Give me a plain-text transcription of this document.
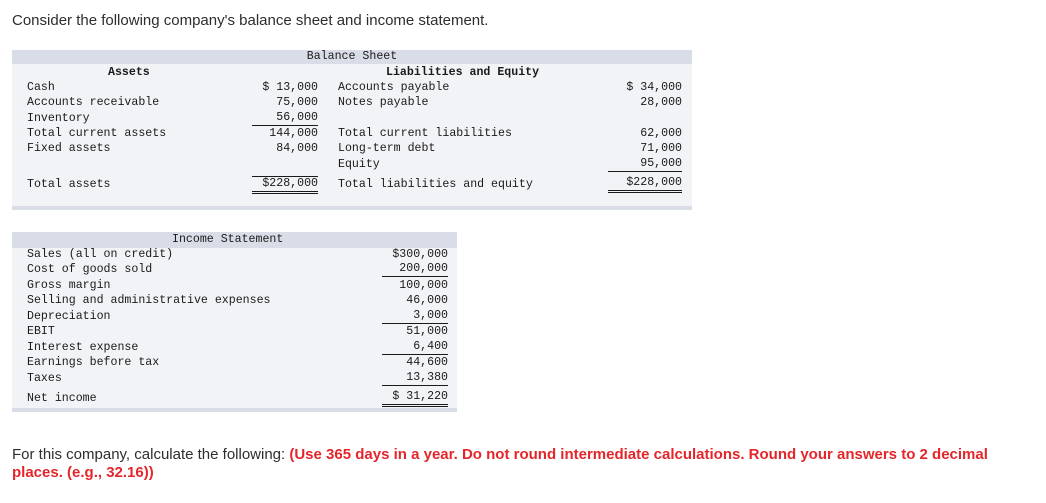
Consider the following company's balance sheet and income statement.
Balance Sheet
Assets	Liabilities and Equity
Cash
Accounts receivable
Inventory
Total current assets
Fixed assets
Total assets
$ 13,000
75,000
56,000
144,000
84,000
$228,000
Accounts payable
Notes payable
Total current liabilities
Long-term debt
Equity
Total liabilities and equity
$ 34,000
28,000
62,000
71,000
95,000
$228,000
Income Statement
Sales (all on credit)
Cost of goods sold
Gross margin
Selling and administrative expenses
Depreciation
EBIT
Interest expense
Earnings before tax
Taxes
Net income
$300,000
200,000
100,000
46,000
3,000
51,000
6,400
44,600
13,380
$ 31,220
For this company, calculate the following: (Use 365 days in a year. Do not round intermediate calculations. Round your answers to 2 decimal places. (e.g., 32.16))
